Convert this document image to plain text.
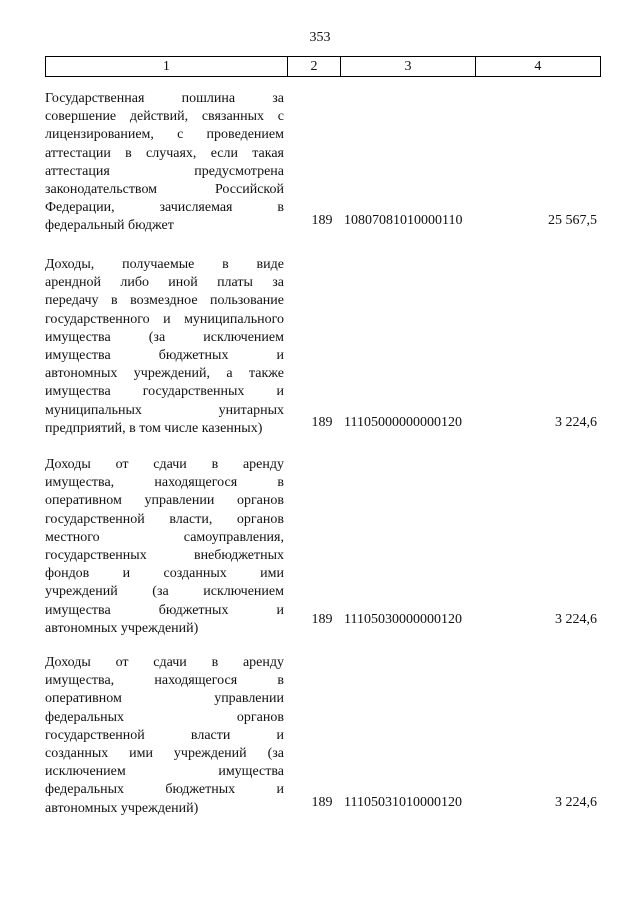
353
1	2	3	4
Государственная пошлина за
совершение действий, связанных с
лицензированием, с проведением
аттестации в случаях, если такая
аттестация предусмотрена
законодательством Российской
Федерации, зачисляемая в
федеральный бюджет	189 10807081010000110	25 567,5
Доходы, получаемые в виде
арендной либо иной платы за
передачу в возмездное пользование
государственного и муниципального
имущества (за исключением
имущества бюджетных и
автономных учреждений, а также
имущества государственных и
муниципальных унитарных
предприятий, в том числе казенных)	189 11105000000000120	3 224,6
Доходы от сдачи в аренду
имущества, находящегося в
оперативном управлении органов
государственной власти, органов
местного самоуправления,
государственных внебюджетных
фондов и созданных ими
учреждений (за исключением
имущества бюджетных и
автономных учреждений)
189 11105030000000120	3 224,6
Доходы от сдачи в аренду
имущества, находящегося в
оперативном управлении
федеральных органов
государственной власти и
созданных ими учреждений (за
исключением имущества
федеральных бюджетных и
автономных учреждений)	189 11105031010000120	3 224,6
